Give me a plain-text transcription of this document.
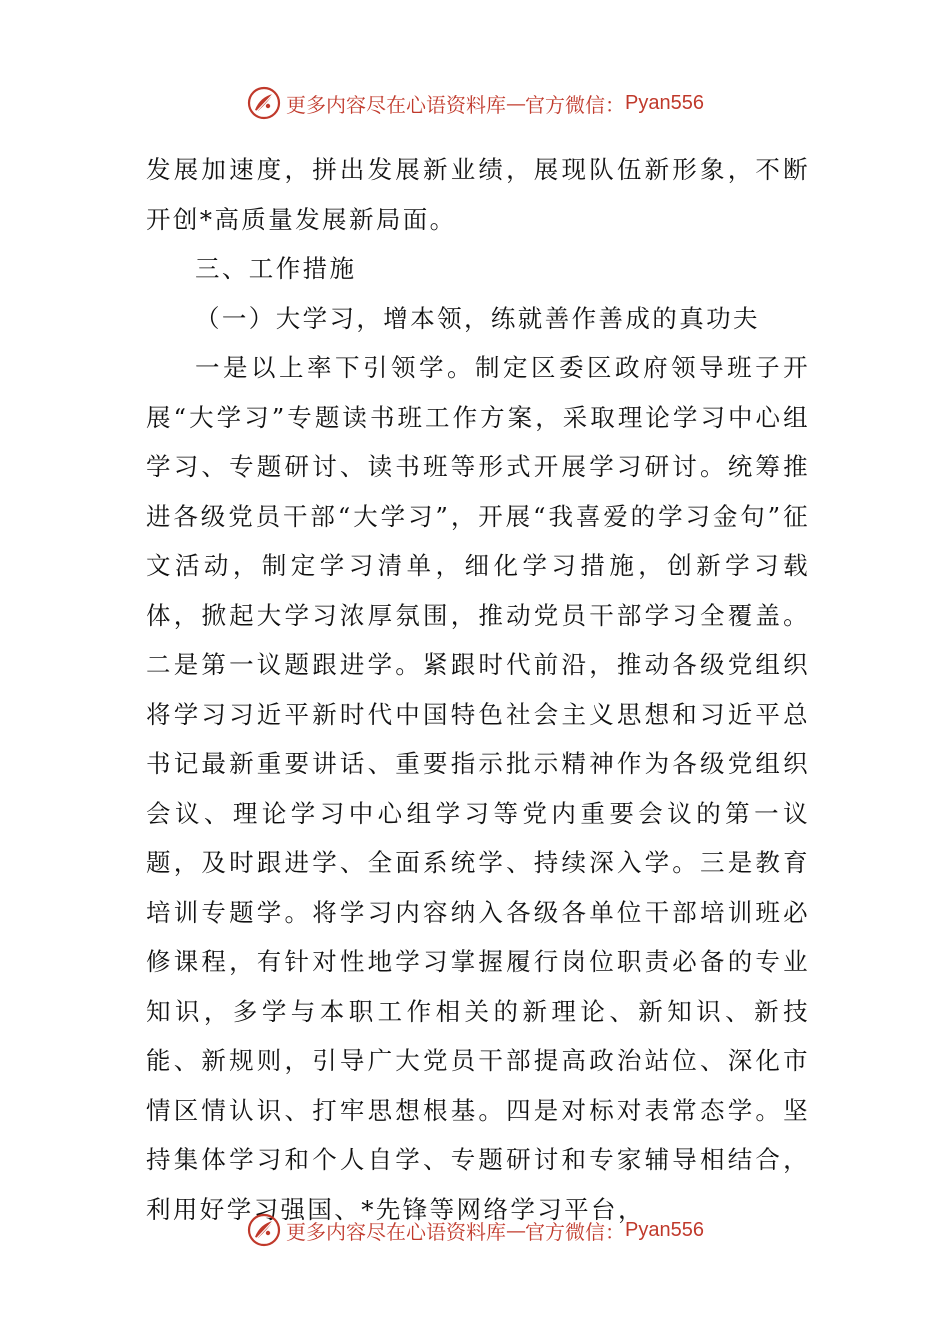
更多内容尽在心语资料库 — 官方微信： Pyan556

发展加速度，拼出发展新业绩，展现队伍新形象，不断开创*高质量发展新局面。

三、工作措施

（一）大学习，增本领，练就善作善成的真功夫

一是以上率下引领学。制定区委区政府领导班子开展“大学习”专题读书班工作方案，采取理论学习中心组学习、专题研讨、读书班等形式开展学习研讨。统筹推进各级党员干部“大学习”，开展“我喜爱的学习金句”征文活动，制定学习清单，细化学习措施，创新学习载体，掀起大学习浓厚氛围，推动党员干部学习全覆盖。二是第一议题跟进学。紧跟时代前沿，推动各级党组织将学习习近平新时代中国特色社会主义思想和习近平总书记最新重要讲话、重要指示批示精神作为各级党组织会议、理论学习中心组学习等党内重要会议的第一议题，及时跟进学、全面系统学、持续深入学。三是教育培训专题学。将学习内容纳入各级各单位干部培训班必修课程，有针对性地学习掌握履行岗位职责必备的专业知识，多学与本职工作相关的新理论、新知识、新技能、新规则，引导广大党员干部提高政治站位、深化市情区情认识、打牢思想根基。四是对标对表常态学。坚持集体学习和个人自学、专题研讨和专家辅导相结合，利用好学习强国、*先锋等网络学习平台，

更多内容尽在心语资料库 — 官方微信： Pyan556
